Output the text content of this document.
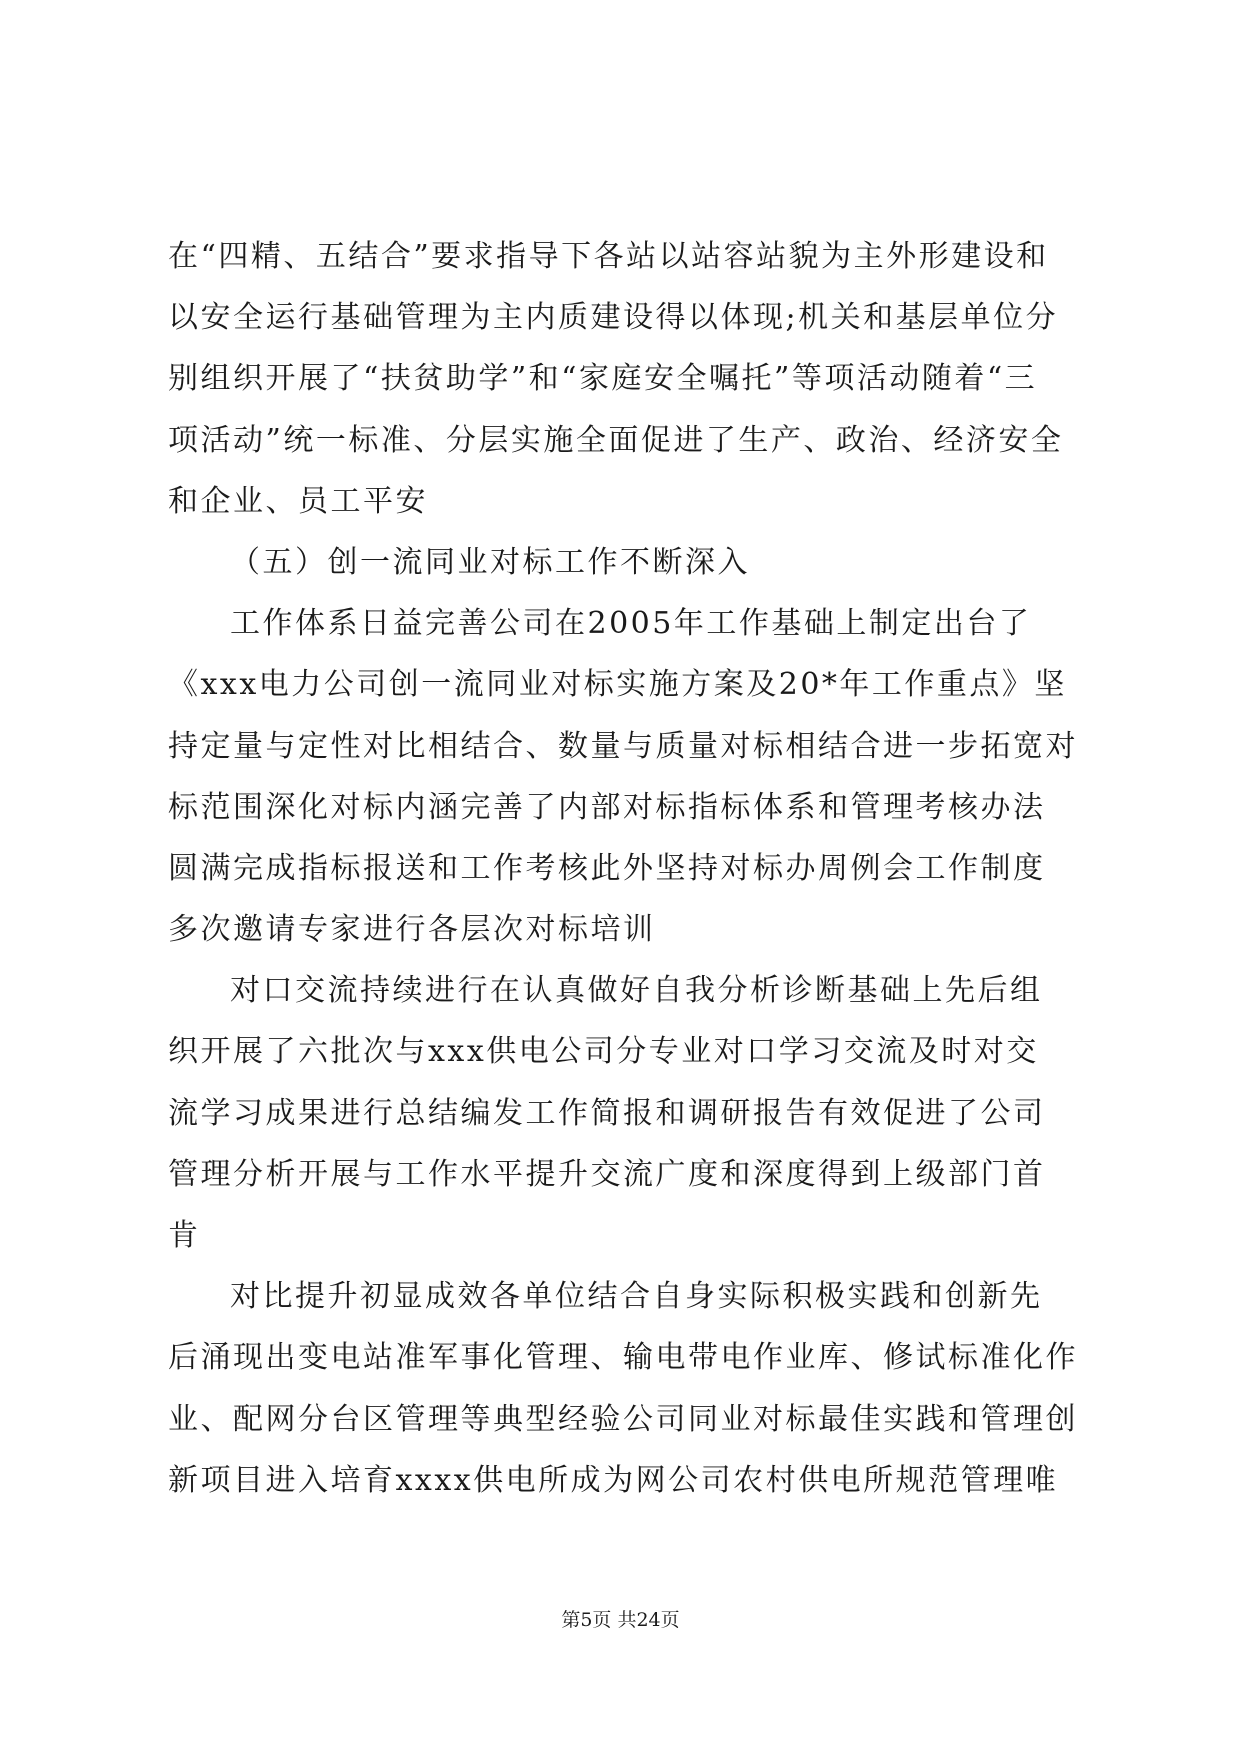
在“四精、五结合”要求指导下各站以站容站貌为主外形建设和
以安全运行基础管理为主内质建设得以体现;机关和基层单位分
别组织开展了“扶贫助学”和“家庭安全嘱托”等项活动随着“三
项活动”统一标准、分层实施全面促进了生产、政治、经济安全
和企业、员工平安
（五）创一流同业对标工作不断深入
工作体系日益完善公司在2005年工作基础上制定出台了
《xxx电力公司创一流同业对标实施方案及20*年工作重点》坚
持定量与定性对比相结合、数量与质量对标相结合进一步拓宽对
标范围深化对标内涵完善了内部对标指标体系和管理考核办法
圆满完成指标报送和工作考核此外坚持对标办周例会工作制度
多次邀请专家进行各层次对标培训
对口交流持续进行在认真做好自我分析诊断基础上先后组
织开展了六批次与xxx供电公司分专业对口学习交流及时对交
流学习成果进行总结编发工作简报和调研报告有效促进了公司
管理分析开展与工作水平提升交流广度和深度得到上级部门首
肯
对比提升初显成效各单位结合自身实际积极实践和创新先
后涌现出变电站准军事化管理、输电带电作业库、修试标准化作
业、配网分台区管理等典型经验公司同业对标最佳实践和管理创
新项目进入培育xxxx供电所成为网公司农村供电所规范管理唯
第5页 共24页
